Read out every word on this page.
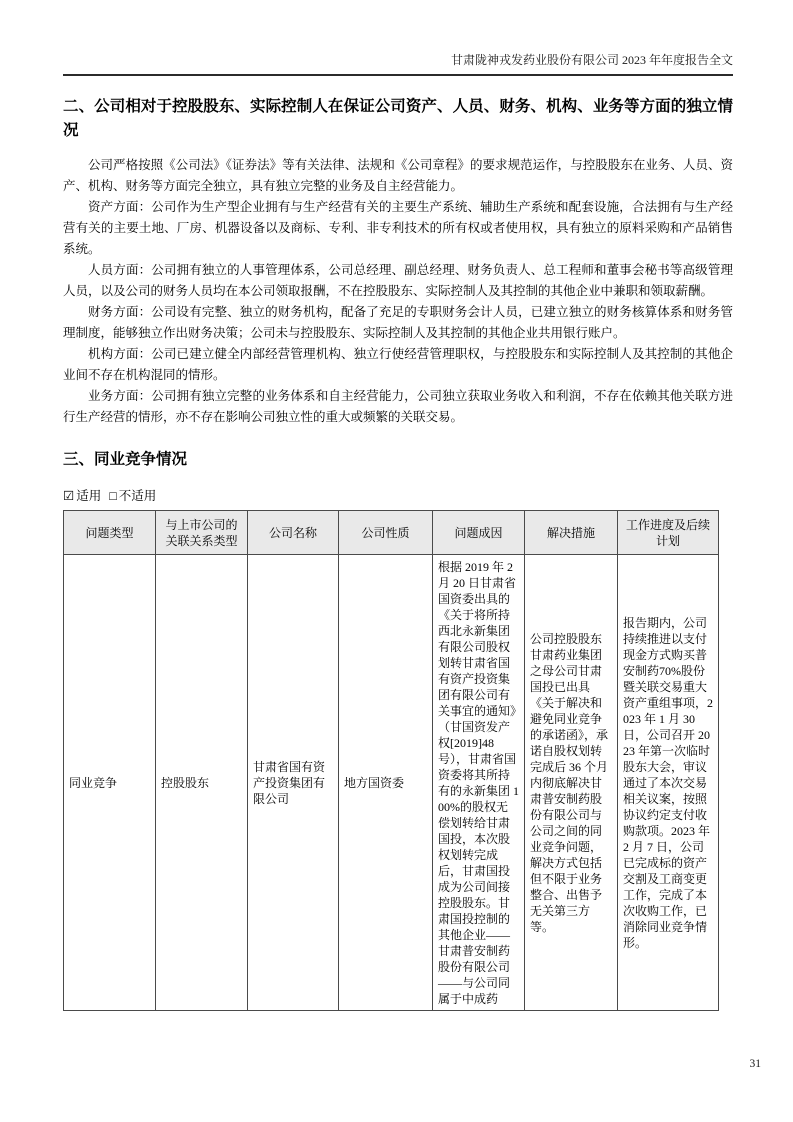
甘肃陇神戎发药业股份有限公司 2023 年年度报告全文
二、公司相对于控股股东、实际控制人在保证公司资产、人员、财务、机构、业务等方面的独立情况

公司严格按照《公司法》《证券法》等有关法律、法规和《公司章程》的要求规范运作，与控股股东在业务、人员、资产、机构、财务等方面完全独立，具有独立完整的业务及自主经营能力。

资产方面：公司作为生产型企业拥有与生产经营有关的主要生产系统、辅助生产系统和配套设施，合法拥有与生产经营有关的主要土地、厂房、机器设备以及商标、专利、非专利技术的所有权或者使用权，具有独立的原料采购和产品销售系统。

人员方面：公司拥有独立的人事管理体系，公司总经理、副总经理、财务负责人、总工程师和董事会秘书等高级管理人员，以及公司的财务人员均在本公司领取报酬，不在控股股东、实际控制人及其控制的其他企业中兼职和领取薪酬。

财务方面：公司设有完整、独立的财务机构，配备了充足的专职财务会计人员，已建立独立的财务核算体系和财务管理制度，能够独立作出财务决策；公司未与控股股东、实际控制人及其控制的其他企业共用银行账户。

机构方面：公司已建立健全内部经营管理机构、独立行使经营管理职权，与控股股东和实际控制人及其控制的其他企业间不存在机构混同的情形。

业务方面：公司拥有独立完整的业务体系和自主经营能力，公司独立获取业务收入和利润，不存在依赖其他关联方进行生产经营的情形，亦不存在影响公司独立性的重大或频繁的关联交易。

三、同业竞争情况
☑ 适用 □ 不适用
问题类型	与上市公司的关联关系类型	公司名称	公司性质	问题成因	解决措施	工作进度及后续计划
同业竞争	控股股东	甘肃省国有资产投资集团有限公司	地方国资委	根据 2019 年 2 月 20 日甘肃省国资委出具的《关于将所持西北永新集团有限公司股权划转甘肃省国有资产投资集团有限公司有关事宜的通知》（甘国资发产权[2019]48 号），甘肃省国资委将其所持有的永新集团 100%的股权无偿划转给甘肃国投，本次股权划转完成后，甘肃国投成为公司间接控股股东。甘肃国投控制的其他企业——甘肃普安制药股份有限公司——与公司同属于中成药	公司控股股东甘肃药业集团之母公司甘肃国投已出具《关于解决和避免同业竞争的承诺函》，承诺自股权划转完成后 36 个月内彻底解决甘肃普安制药股份有限公司与公司之间的同业竞争问题，解决方式包括但不限于业务整合、出售予无关第三方等。	报告期内，公司持续推进以支付现金方式购买普安制药70%股份暨关联交易重大资产重组事项，2023 年 1 月 30 日，公司召开 2023 年第一次临时股东大会，审议通过了本次交易相关议案，按照协议约定支付收购款项。2023 年 2 月 7 日，公司已完成标的资产交割及工商变更工作，完成了本次收购工作，已消除同业竞争情形。
31
